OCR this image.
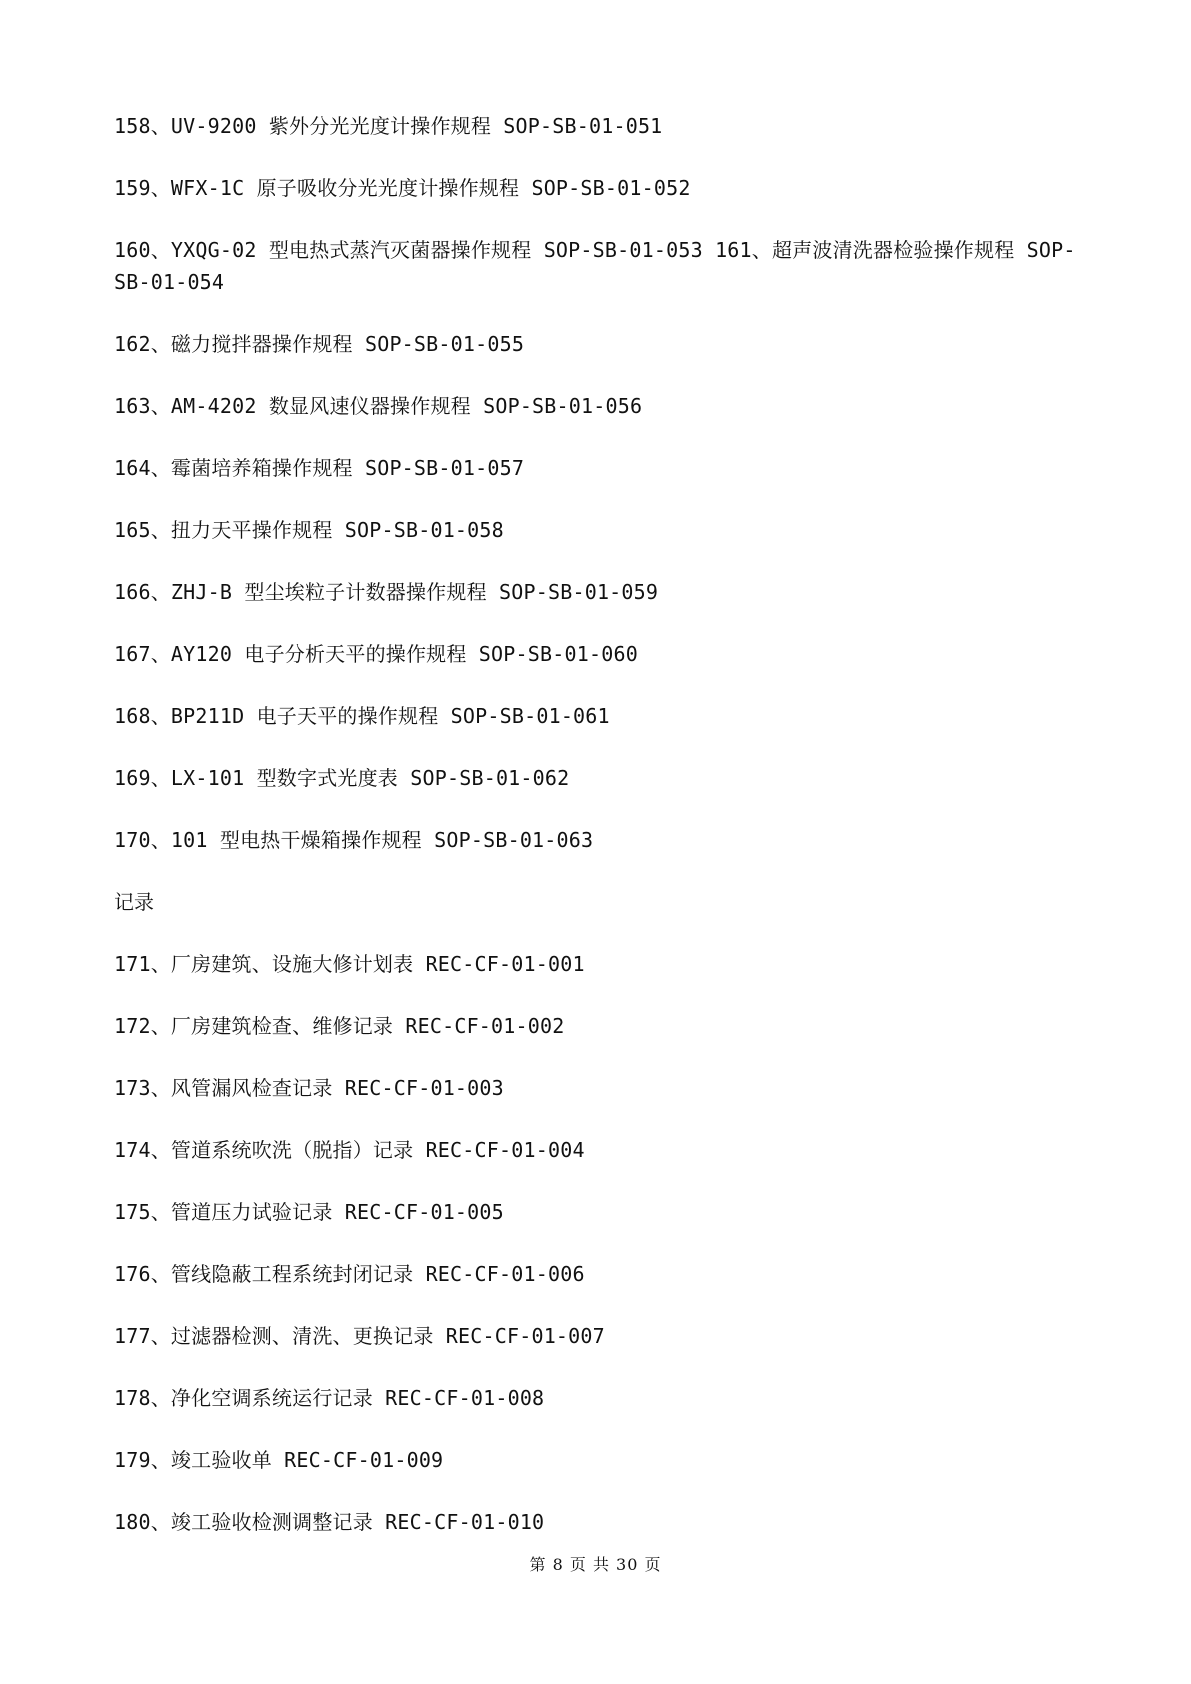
158、UV-9200 紫外分光光度计操作规程 SOP-SB-01-051
159、WFX-1C 原子吸收分光光度计操作规程 SOP-SB-01-052
160、YXQG-02 型电热式蒸汽灭菌器操作规程 SOP-SB-01-053 161、超声波清洗器检验操作规程 SOP-SB-01-054
162、磁力搅拌器操作规程 SOP-SB-01-055
163、AM-4202 数显风速仪器操作规程 SOP-SB-01-056
164、霉菌培养箱操作规程 SOP-SB-01-057
165、扭力天平操作规程 SOP-SB-01-058
166、ZHJ-B 型尘埃粒子计数器操作规程 SOP-SB-01-059
167、AY120 电子分析天平的操作规程 SOP-SB-01-060
168、BP211D 电子天平的操作规程 SOP-SB-01-061
169、LX-101 型数字式光度表 SOP-SB-01-062
170、101 型电热干燥箱操作规程 SOP-SB-01-063
记录
171、厂房建筑、设施大修计划表 REC-CF-01-001
172、厂房建筑检查、维修记录 REC-CF-01-002
173、风管漏风检查记录 REC-CF-01-003
174、管道系统吹洗（脱指）记录 REC-CF-01-004
175、管道压力试验记录 REC-CF-01-005
176、管线隐蔽工程系统封闭记录 REC-CF-01-006
177、过滤器检测、清洗、更换记录 REC-CF-01-007
178、净化空调系统运行记录 REC-CF-01-008
179、竣工验收单 REC-CF-01-009
180、竣工验收检测调整记录 REC-CF-01-010
第 8 页 共 30 页
